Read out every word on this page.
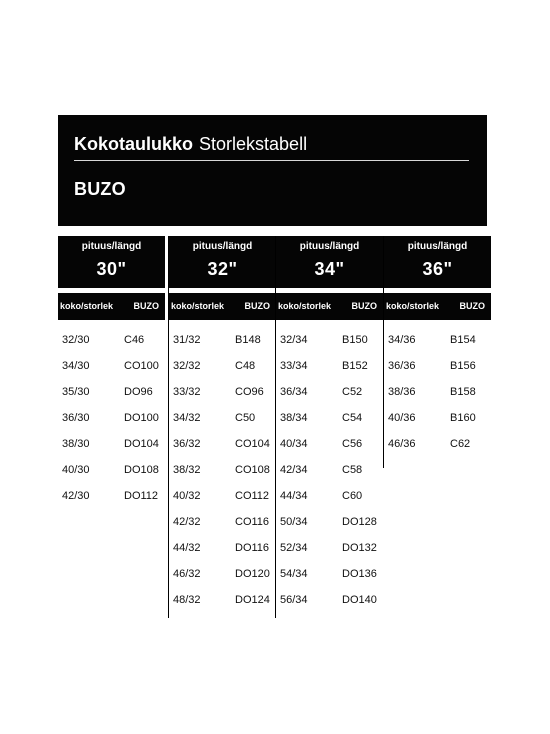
Kokotaulukko Storlekstabell
BUZO
pituus/längd
30"
koko/storlek BUZO
32/30	C46
34/30	CO100
35/30	DO96
36/30	DO100
38/30	DO104
40/30	DO108
42/30	DO112
pituus/längd
32"
koko/storlek BUZO
31/32	B148
32/32	C48
33/32	CO96
34/32	C50
36/32	CO104
38/32	CO108
40/32	CO112
42/32	CO116
44/32	DO116
46/32	DO120
48/32	DO124
pituus/längd
34"
koko/storlek BUZO
32/34	B150
33/34	B152
36/34	C52
38/34	C54
40/34	C56
42/34	C58
44/34	C60
50/34	DO128
52/34	DO132
54/34	DO136
56/34	DO140
pituus/längd
36"
koko/storlek BUZO
34/36	B154
36/36	B156
38/36	B158
40/36	B160
46/36	C62
